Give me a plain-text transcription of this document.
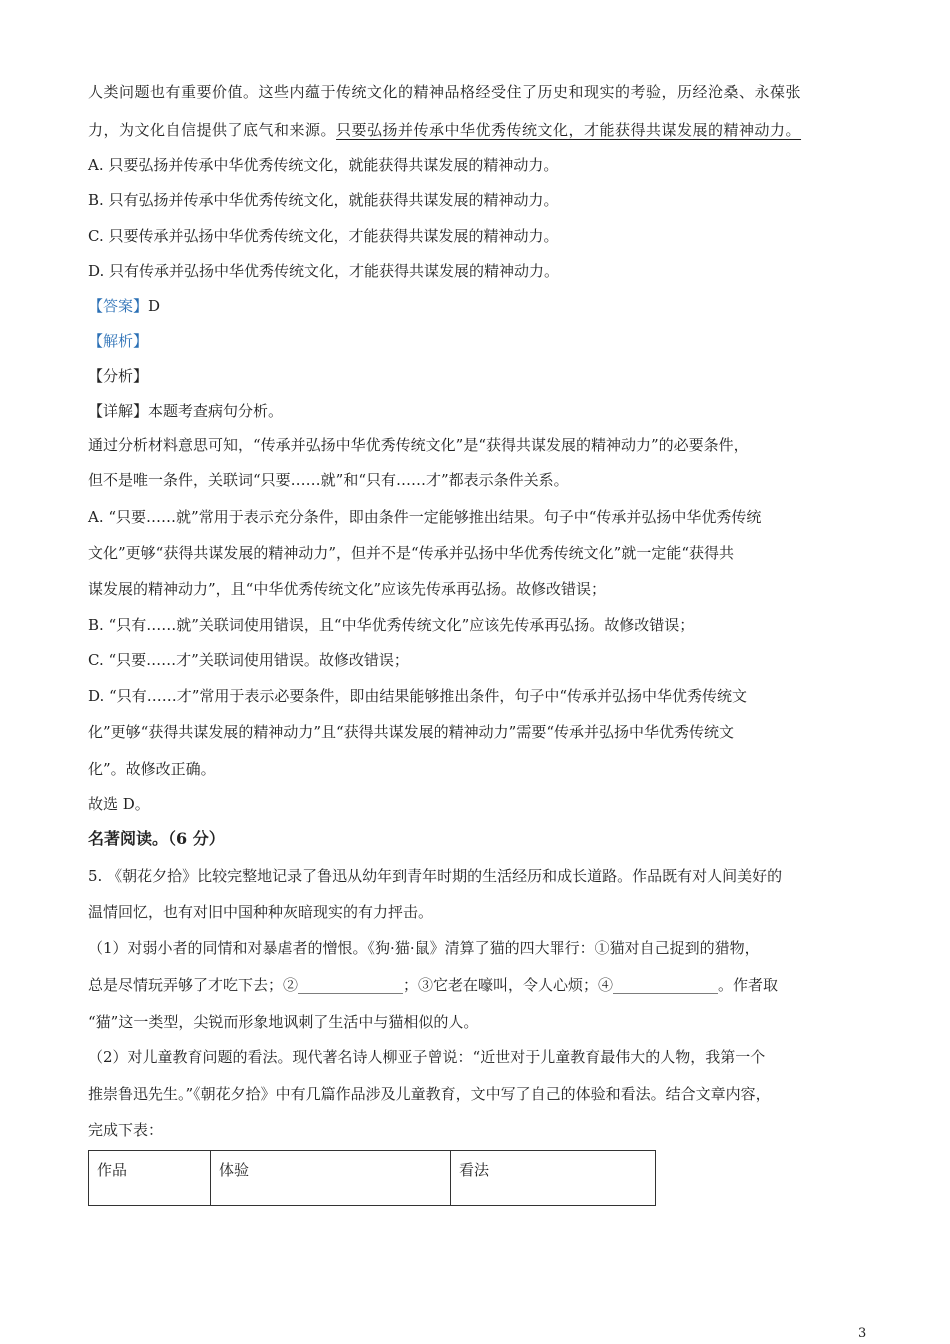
人类问题也有重要价值。这些内蕴于传统文化的精神品格经受住了历史和现实的考验，历经沧桑、永葆张
力，为文化自信提供了底气和来源。只要弘扬并传承中华优秀传统文化，才能获得共谋发展的精神动力。
A. 只要弘扬并传承中华优秀传统文化，就能获得共谋发展的精神动力。
B. 只有弘扬并传承中华优秀传统文化，就能获得共谋发展的精神动力。
C. 只要传承并弘扬中华优秀传统文化，才能获得共谋发展的精神动力。
D. 只有传承并弘扬中华优秀传统文化，才能获得共谋发展的精神动力。
【答案】D
【解析】
【分析】
【详解】本题考查病句分析。
通过分析材料意思可知，“传承并弘扬中华优秀传统文化”是“获得共谋发展的精神动力”的必要条件，
但不是唯一条件，关联词“只要……就”和“只有……才”都表示条件关系。
A. “只要……就”常用于表示充分条件，即由条件一定能够推出结果。句子中“传承并弘扬中华优秀传统
文化”更够“获得共谋发展的精神动力”，但并不是“传承并弘扬中华优秀传统文化”就一定能“获得共
谋发展的精神动力”，且“中华优秀传统文化”应该先传承再弘扬。故修改错误；
B. “只有……就”关联词使用错误，且“中华优秀传统文化”应该先传承再弘扬。故修改错误；
C. “只要……才”关联词使用错误。故修改错误；
D. “只有……才”常用于表示必要条件，即由结果能够推出条件，句子中“传承并弘扬中华优秀传统文
化”更够“获得共谋发展的精神动力”且“获得共谋发展的精神动力”需要“传承并弘扬中华优秀传统文
化”。故修改正确。
故选 D。
名著阅读。（6 分）
5. 《朝花夕拾》比较完整地记录了鲁迅从幼年到青年时期的生活经历和成长道路。作品既有对人间美好的
温情回忆，也有对旧中国种种灰暗现实的有力抨击。
（1）对弱小者的同情和对暴虐者的憎恨。《狗·猫·鼠》清算了猫的四大罪行：①猫对自己捉到的猎物，
总是尽情玩弄够了才吃下去；②______________；③它老在嚎叫，令人心烦；④______________。作者取
“猫”这一类型，尖锐而形象地讽刺了生活中与猫相似的人。
（2）对儿童教育问题的看法。现代著名诗人柳亚子曾说：“近世对于儿童教育最伟大的人物，我第一个
推崇鲁迅先生。”《朝花夕拾》中有几篇作品涉及儿童教育，文中写了自己的体验和看法。结合文章内容，
完成下表：
作品	体验	看法
3
